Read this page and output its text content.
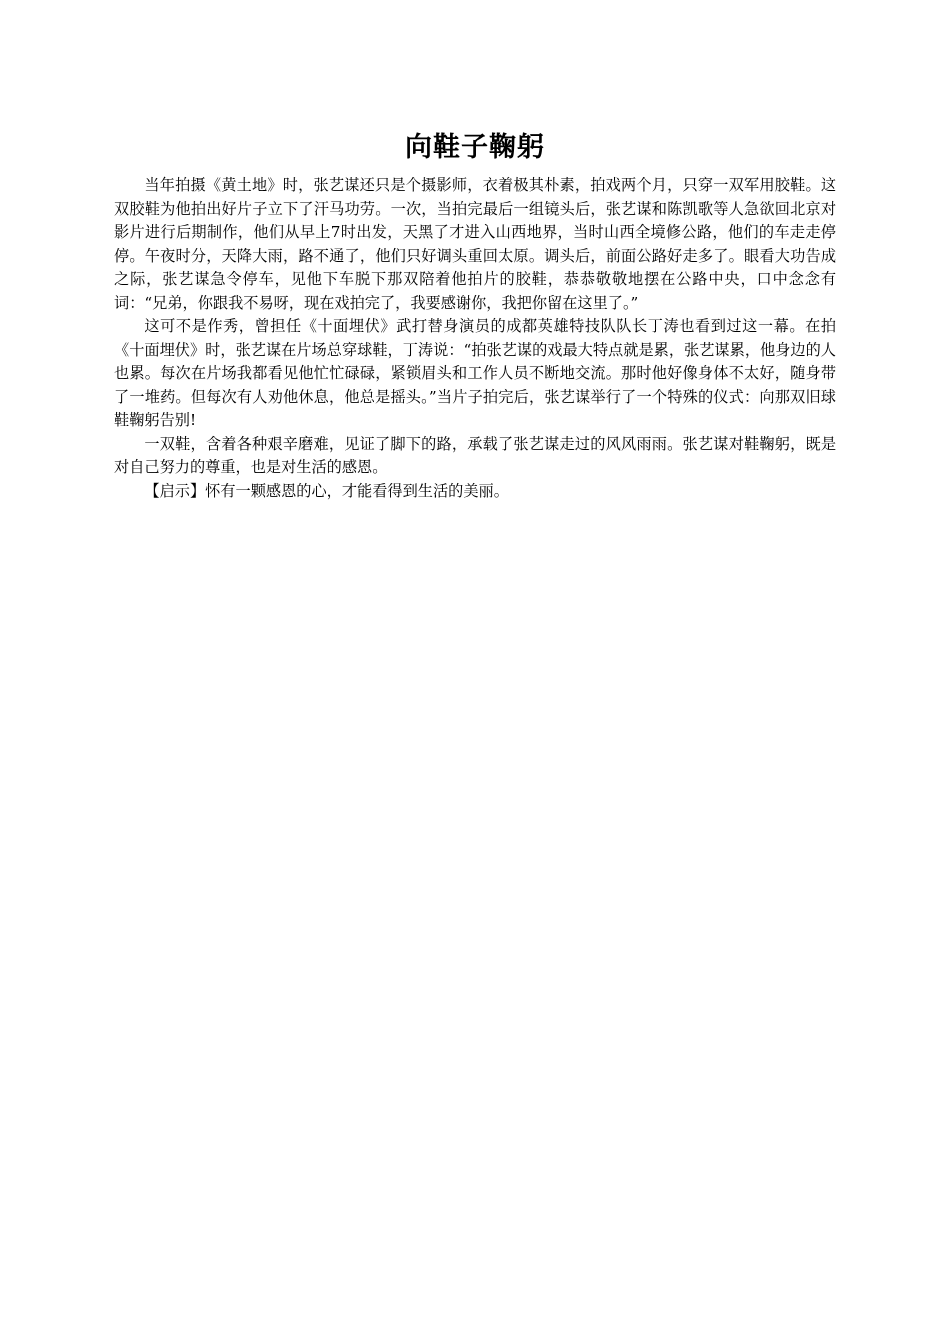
向鞋子鞠躬

当年拍摄《黄土地》时，张艺谋还只是个摄影师，衣着极其朴素，拍戏两个月，只穿一双军用胶鞋。这双胶鞋为他拍出好片子立下了汗马功劳。一次，当拍完最后一组镜头后，张艺谋和陈凯歌等人急欲回北京对影片进行后期制作，他们从早上7时出发，天黑了才进入山西地界，当时山西全境修公路，他们的车走走停停。午夜时分，天降大雨，路不通了，他们只好调头重回太原。调头后，前面公路好走多了。眼看大功告成之际，张艺谋急令停车，见他下车脱下那双陪着他拍片的胶鞋，恭恭敬敬地摆在公路中央，口中念念有词：“兄弟，你跟我不易呀，现在戏拍完了，我要感谢你，我把你留在这里了。”

这可不是作秀，曾担任《十面埋伏》武打替身演员的成都英雄特技队队长丁涛也看到过这一幕。在拍《十面埋伏》时，张艺谋在片场总穿球鞋，丁涛说：“拍张艺谋的戏最大特点就是累，张艺谋累，他身边的人也累。每次在片场我都看见他忙忙碌碌，紧锁眉头和工作人员不断地交流。那时他好像身体不太好，随身带了一堆药。但每次有人劝他休息，他总是摇头。”当片子拍完后，张艺谋举行了一个特殊的仪式：向那双旧球鞋鞠躬告别!

一双鞋，含着各种艰辛磨难，见证了脚下的路，承载了张艺谋走过的风风雨雨。张艺谋对鞋鞠躬，既是对自己努力的尊重，也是对生活的感恩。

【启示】怀有一颗感恩的心，才能看得到生活的美丽。
